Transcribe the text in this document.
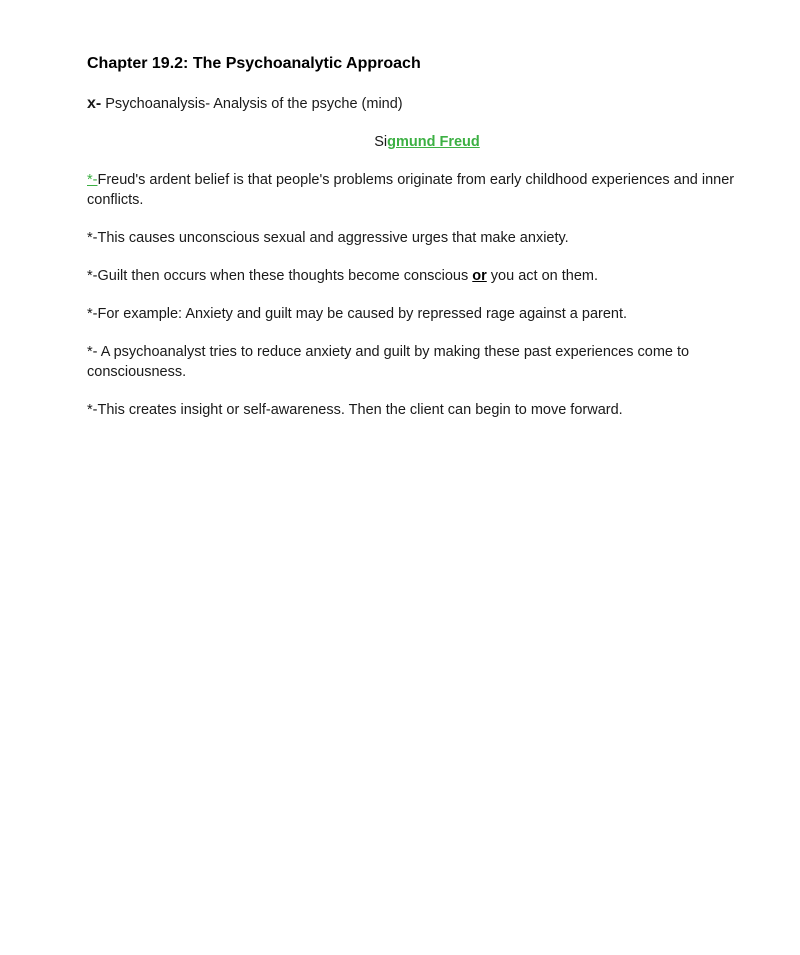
Chapter 19.2: The Psychoanalytic Approach
x- Psychoanalysis- Analysis of the psyche (mind)
Sigmund Freud
*-Freud's ardent belief is that people's problems originate from early childhood experiences and inner conflicts.
*-This causes unconscious sexual and aggressive urges that make anxiety.
*-Guilt then occurs when these thoughts become conscious or you act on them.
*-For example: Anxiety and guilt may be caused by repressed rage against a parent.
*- A psychoanalyst tries to reduce anxiety and guilt by making these past experiences come to consciousness.
*-This creates insight or self-awareness. Then the client can begin to move forward.
